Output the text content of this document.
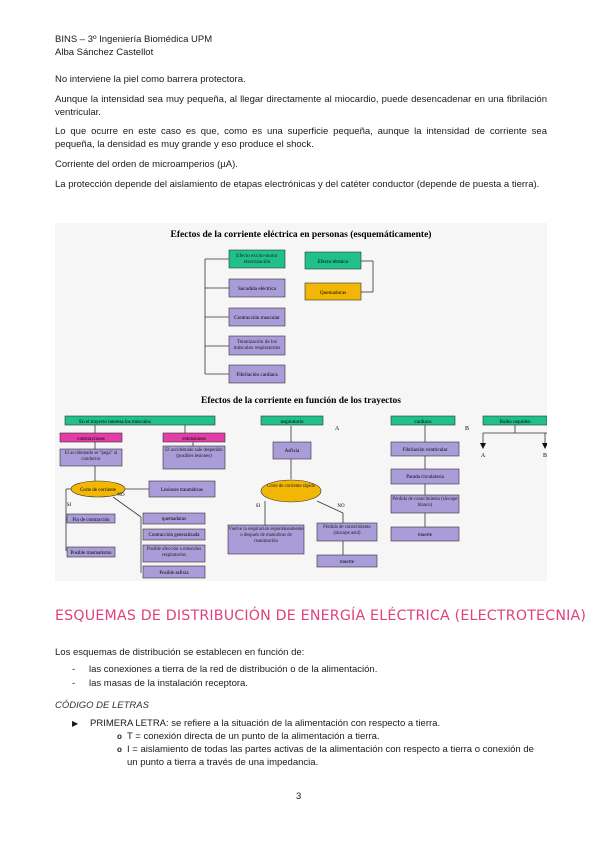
BINS – 3º Ingeniería Biomédica UPM
Alba Sánchez Castellot
No interviene la piel como barrera protectora.
Aunque la intensidad sea muy pequeña, al llegar directamente al miocardio, puede desencadenar en una fibrilación ventricular.
Lo que ocurre en este caso es que, como es una superficie pequeña, aunque la intensidad de corriente sea pequeña, la densidad es muy grande y eso produce el shock.
Corriente del orden de microamperios (µA).
La protección depende del aislamiento de etapas electrónicas y del catéter conductor (depende de puesta a tierra).
Efectos de la corriente eléctrica en personas (esquemáticamente)
Efecto excito-motor electrización
Sacudida eléctrica
Contracción muscular
Tetanización de los músculos respiratorios
Fibrilación cardiaca
Efecto térmico
Quemaduras
Efectos de la corriente en función de los trayectos
En el trayecto interesa los músculos
contracciones	extensiones
El accidentado se "pega" al conductor
El accidentado sale despedido (posibles lesiones)
Corte de corriente
SI
NO
Lesiones traumáticas
Fin de contracción
Posible traumatismo
quemaduras
Contracción generalizada
Posible afección a músculos respiratorios
Posible asfixia
respiratorio
A
Asfixia
Corte de corriente rápido
SI	NO
Vuelve la respiración espontáneamente o después de maniobras de reanimación
Pérdida de conocimiento (síncope azul)
muerte
cardiaco
B
Fibrilación ventricular
Parada circulatoria
Pérdida de conocimiento (síncope blanco)
muerte
Bulbo raquídeo
A	B
ESQUEMAS DE DISTRIBUCIÓN DE ENERGÍA ELÉCTRICA (ELECTROTECNIA)
Los esquemas de distribución se establecen en función de:
- las conexiones a tierra de la red de distribución o de la alimentación.
- las masas de la instalación receptora.
CÓDIGO DE LETRAS
▶ PRIMERA LETRA: se refiere a la situación de la alimentación con respecto a tierra.
o T = conexión directa de un punto de la alimentación a tierra.
o I = aislamiento de todas las partes activas de la alimentación con respecto a tierra o conexión de un punto a tierra a través de una impedancia.
3
